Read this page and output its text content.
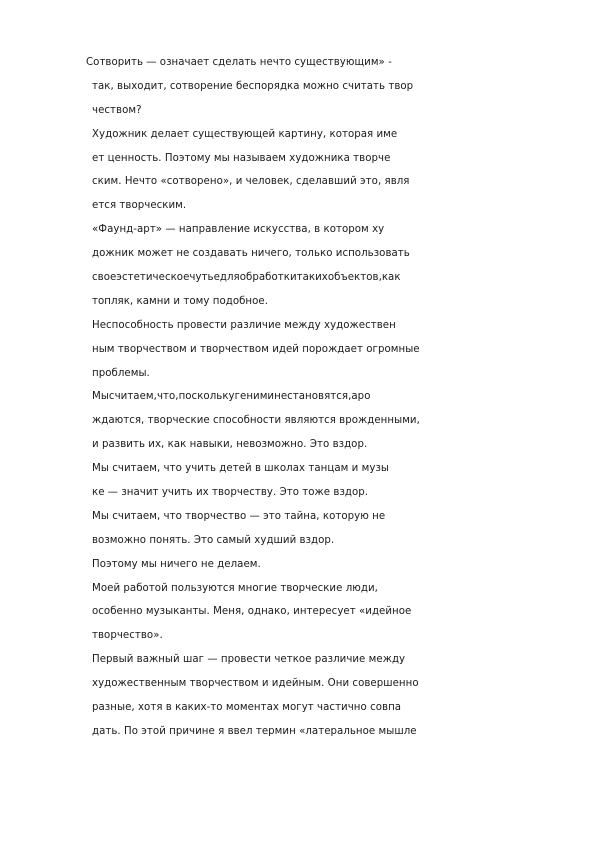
Сотворить — означает сделать нечто существующим» -
так, выходит, сотворение беспорядка можно считать твор
чеством?
Художник делает существующей картину, которая име
ет ценность. Поэтому мы называем художника творче
ским. Нечто «сотворено», и человек, сделавший это, явля
ется творческим.
«Фаунд-арт» — направление искусства, в котором ху
дожник может не создавать ничего, только использовать
своеэстетическоечутьедляобработкитакихобъектов,как
топляк, камни и тому подобное.
Неспособность провести различие между художествен
ным творчеством и творчеством идей порождает огромные
проблемы.
Мысчитаем,что,посколькугениминестановятся,аро
ждаются, творческие способности являются врожденными,
и развить их, как навыки, невозможно. Это вздор.
Мы считаем, что учить детей в школах танцам и музы
ке — значит учить их творчеству. Это тоже вздор.
Мы считаем, что творчество — это тайна, которую не
возможно понять. Это самый худший вздор.
Поэтому мы ничего не делаем.
Моей работой пользуются многие творческие люди,
особенно музыканты. Меня, однако, интересует «идейное
творчество».
Первый важный шаг — провести четкое различие между
художественным творчеством и идейным. Они совершенно
разные, хотя в каких-то моментах могут частично совпа
дать. По этой причине я ввел термин «латеральное мышле
